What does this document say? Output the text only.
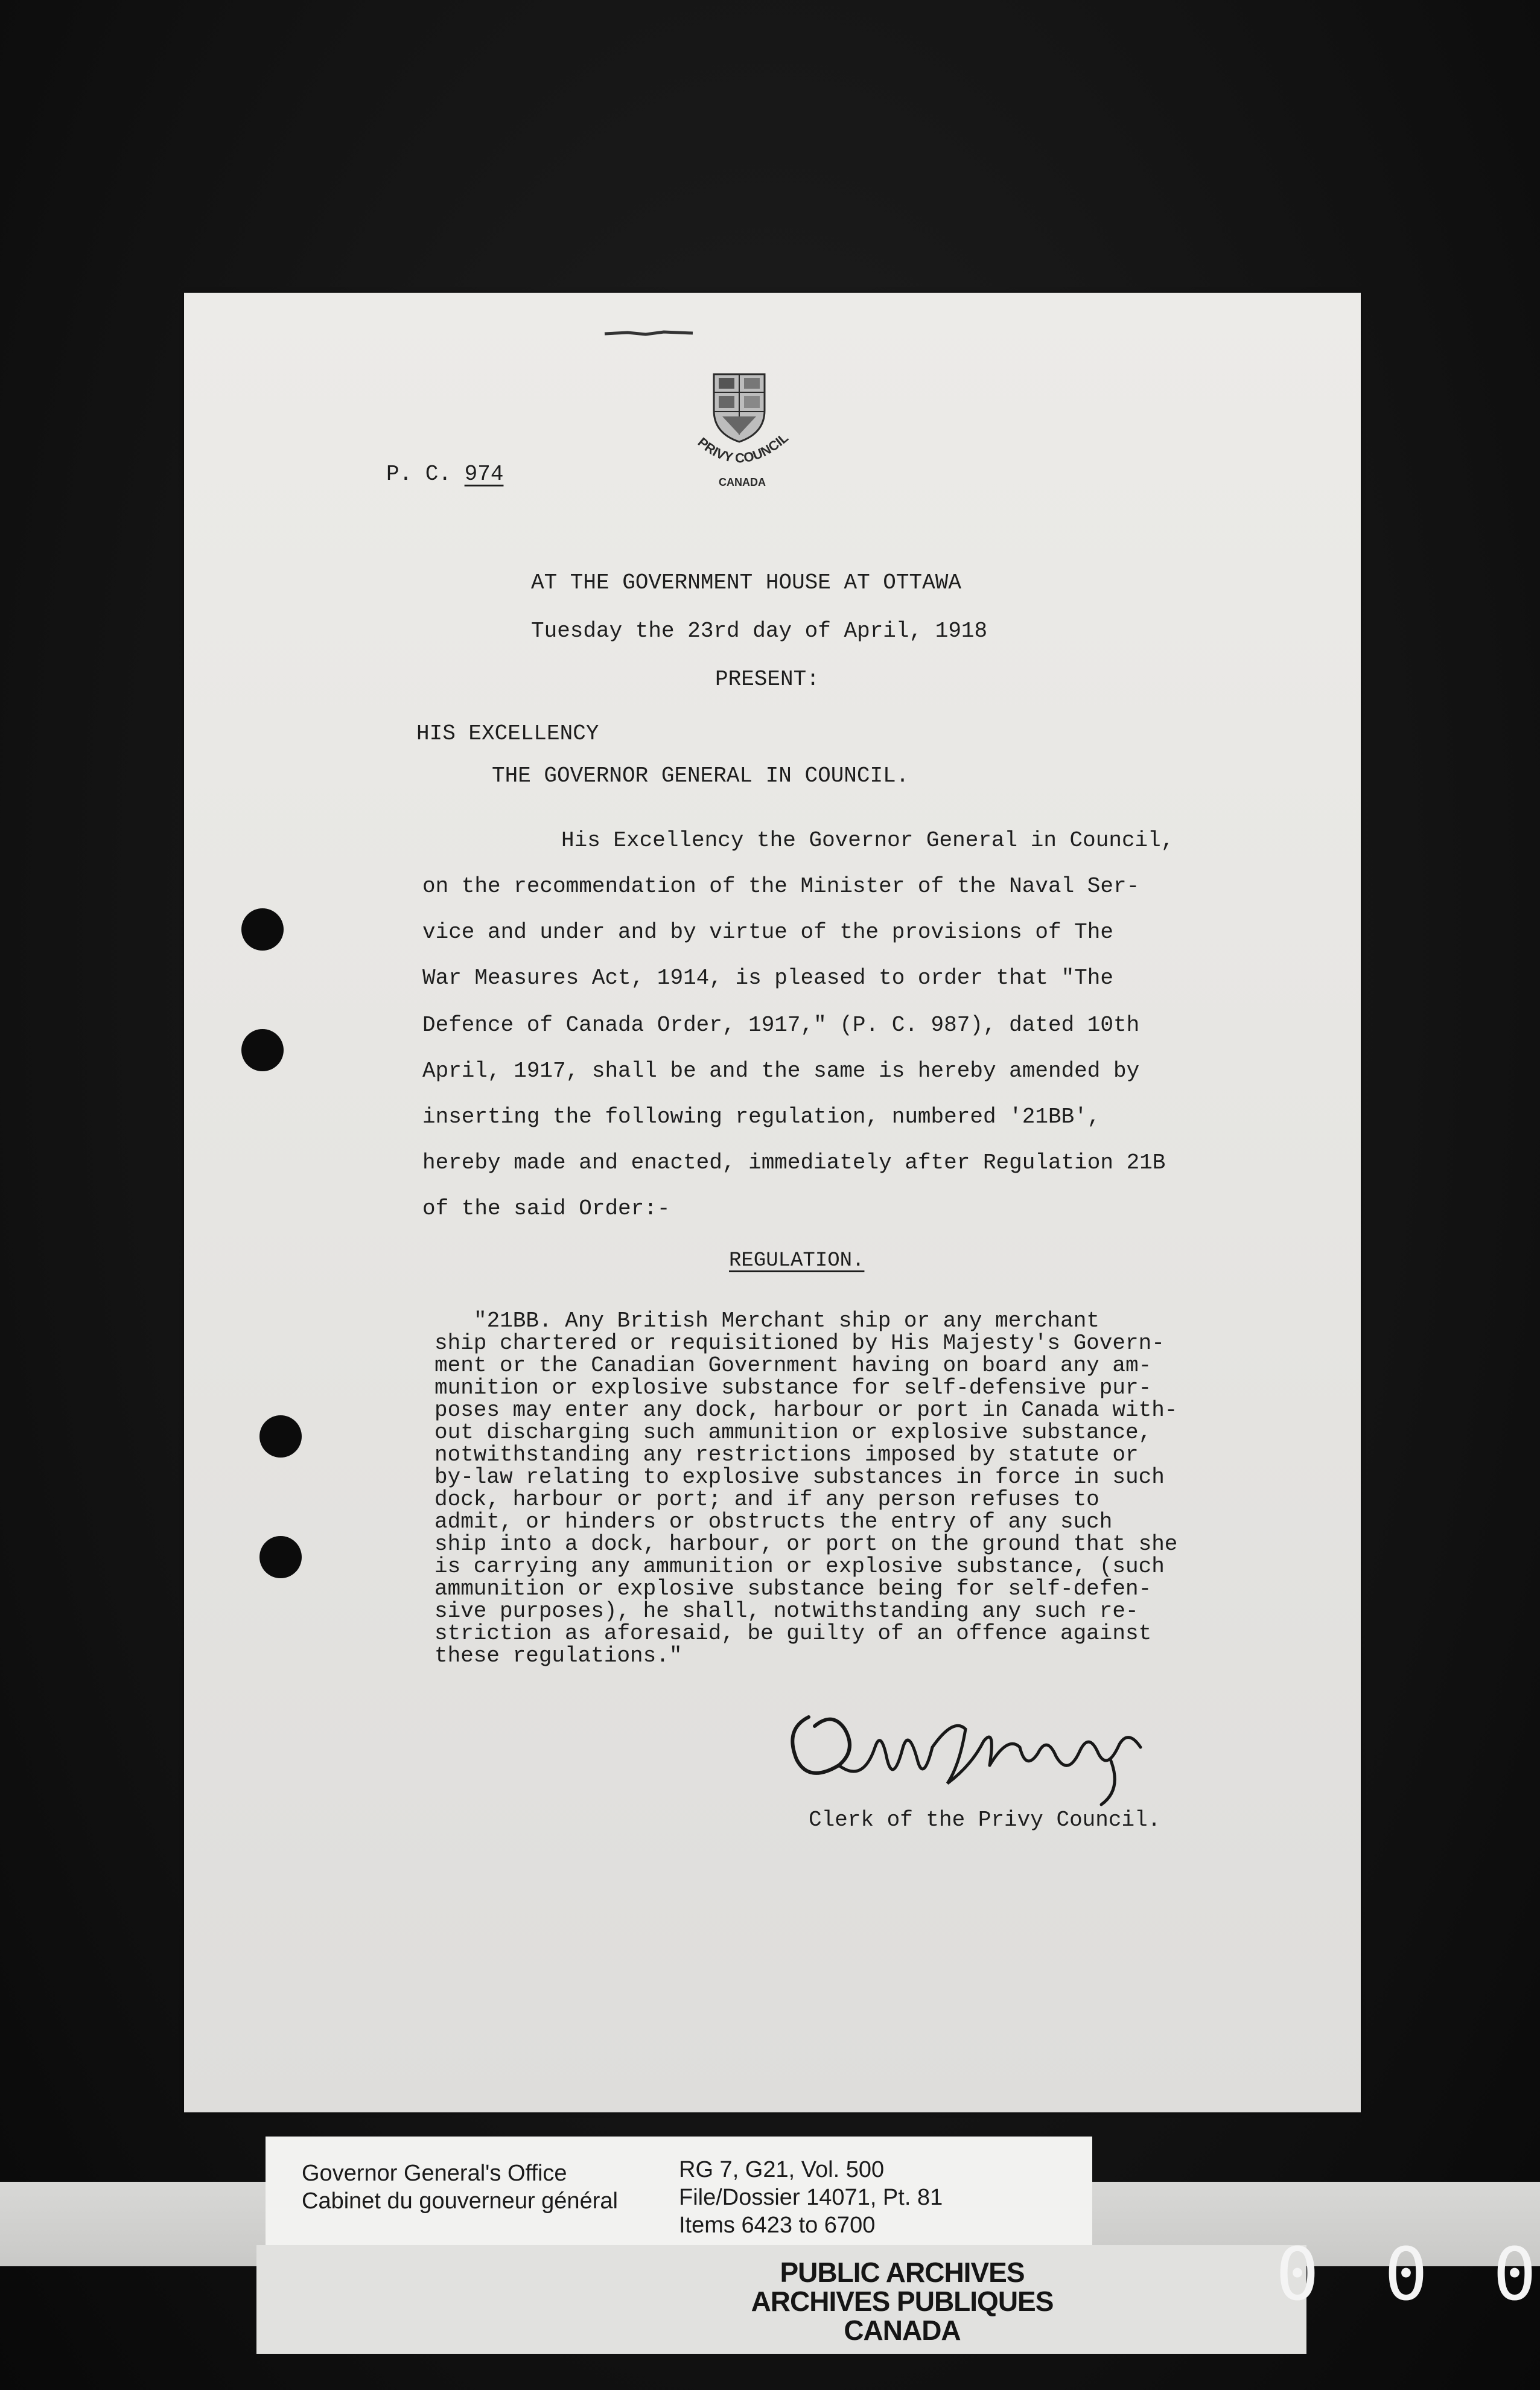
PRIVY COUNCIL
CANADA
P. C. 974
AT THE GOVERNMENT HOUSE AT OTTAWA
Tuesday the 23rd day of April, 1918
PRESENT:
HIS EXCELLENCY
THE GOVERNOR GENERAL IN COUNCIL.
His Excellency the Governor General in Council,
on the recommendation of the Minister of the Naval Ser-
vice and under and by virtue of the provisions of The
War Measures Act, 1914, is pleased to order that "The
Defence of Canada Order, 1917," (P. C. 987), dated 10th
April, 1917, shall be and the same is hereby amended by
inserting the following regulation, numbered '21BB',
hereby made and enacted, immediately after Regulation 21B
of the said Order:-
REGULATION.
"21BB. Any British Merchant ship or any merchant
ship chartered or requisitioned by His Majesty's Govern-
ment or the Canadian Government having on board any am-
munition or explosive substance for self-defensive pur-
poses may enter any dock, harbour or port in Canada with-
out discharging such ammunition or explosive substance,
notwithstanding any restrictions imposed by statute or
by-law relating to explosive substances in force in such
dock, harbour or port; and if any person refuses to
admit, or hinders or obstructs the entry of any such
ship into a dock, harbour, or port on the ground that she
is carrying any ammunition or explosive substance, (such
ammunition or explosive substance being for self-defen-
sive purposes), he shall, notwithstanding any such re-
striction as aforesaid, be guilty of an offence against
these regulations."
Clerk of the Privy Council.
Governor General's Office
Cabinet du gouverneur général
RG 7, G21, Vol. 500
File/Dossier 14071, Pt. 81
Items 6423 to 6700
PUBLIC ARCHIVES
ARCHIVES PUBLIQUES
CANADA
0 0 0
